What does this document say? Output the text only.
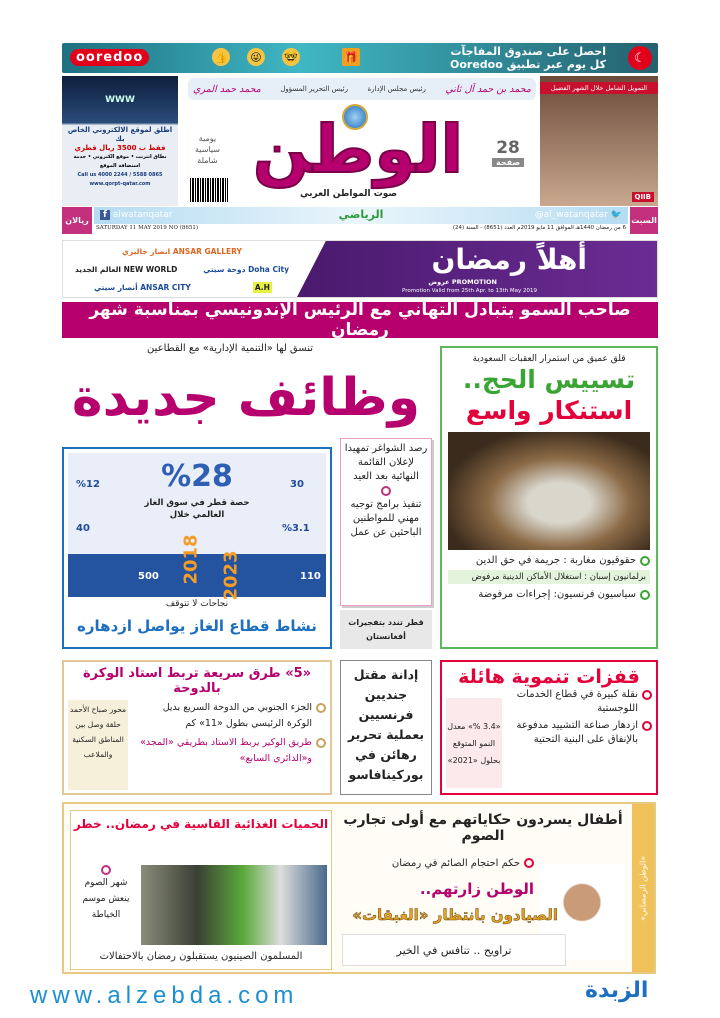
ooredoo	👍 😜 🤓	🎁	احصل على صندوق المفاجآت
كل يوم عبر تطبيق Ooredoo	☾
WWW
اطلق لموقع الالكتروني الخاص بك
فقط ب 3500 ريال قطري
نطاق انترنت • موقع الكتروني • خدمة استضافة الموقع
Call us 4000 2244 / 5588 0865
www.qorpt-qatar.com
التمويل الشامل خلال الشهر الفضيل
QIIB
محمد بن حمد آل ثاني
رئيس مجلس الإدارة
رئيس التحرير المسؤول
محمد حمد المري
الوطن
صوت المواطن العربي
يومية
سياسية
شاملة
28
صفحة
ريالان
f alwatanqatar	الرياضي	@al_watanqatar 🐦
SATURDAY 11 MAY 2019 NO (8651)	6 من رمضان 1440هـ الموافق 11 مايو 2019م العدد (8651) - السنة (24)
السبت
انصار جاليري ANSAR GALLERY
العالم الجديد NEW WORLD	دوحة سيتي Doha City
أنصار سيتي ANSAR CITY	A.H
أهلاً رمضان
عروض PROMOTION
Promotion Valid from 25th Apr. to 13th May 2019
صاحب السمو يتبادل التهاني مع الرئيس الإندونيسي بمناسبة شهر رمضان
قلق عميق من استمرار العقبات السعودية
تسييس الحج..
استنكار واسع
حقوقيون مغاربة : جريمة في حق الدين
برلمانيون إسبان : استغلال الأماكن الدينية مرفوض
سياسيون فرنسيون: إجراءات مرفوضة
تنسق لها «التنمية الإدارية» مع القطاعين
وظائف جديدة
رصد الشواغر تمهيدا لإعلان القائمة النهائية بعد العيد
تنفيذ برامج توجيه مهني للمواطنين الباحثين عن عمل
قطر تندد بتفجيرات أفغانستان
%28
حصة قطر في سوق الغاز العالمي خلال
%12
40
30
%3.1
500	110
2018 2023
نجاحات لا تتوقف
نشاط قطاع الغاز يواصل ازدهاره
«5» طرق سريعة تربط استاد الوكرة بالدوحة
الجزء الجنوبي من الدوحة السريع بديل الوكرة الرئيسي بطول «11» كم
طريق الوكير يربط الاستاد بطريقي «المجد» و«الدائري السابع»
محور صباح الأحمد حلقة وصل بين المناطق السكنية والملاعب
إدانة مقتل جنديين فرنسيين بعملية تحرير رهائن في بوركينافاسو
قفزات تنموية هائلة
نقلة كبيرة في قطاع الخدمات اللوجستية
ازدهار صناعة التشييد مدفوعة بالإنفاق على البنية التحتية
«3.4 %» معدل النمو المتوقع بحلول «2021»
«الوطن الرمضاني»
الحميات الغذائية القاسية في رمضان.. خطر
شهر الصوم ينعش موسم الخياطة
المسلمون الصينيون يستقبلون رمضان بالاحتفالات
أطفال يسردون حكاياتهم مع أولى تجارب الصوم
حكم احتجام الصائم في رمضان
الوطن زارتهم..
الصيادون بانتظار «الغبقات»
تراويح .. تنافس في الخير
www.alzebda.com	الزبدة
